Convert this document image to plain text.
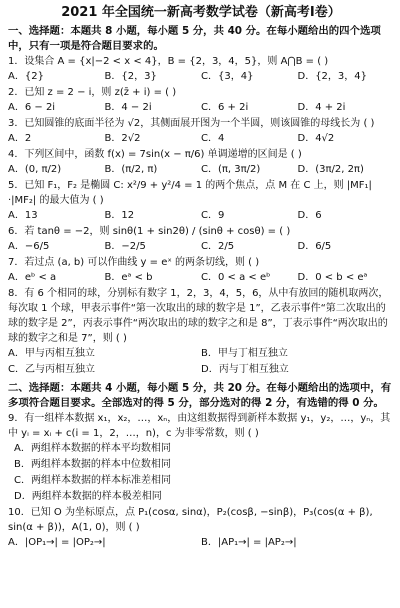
2021 年全国统一新高考数学试卷（新高考Ⅰ卷）
一、选择题：本题共 8 小题，每小题 5 分，共 40 分。在每小题给出的四个选项中，只有一项是符合题目要求的。
1．设集合 A = {x|−2 < x < 4}，B = {2，3，4，5}，则 A⋂B = ( )
A．{2}	B．{2，3}	C．{3，4}	D．{2，3，4}
2．已知 z = 2 − i，则 z(z̄ + i) = ( )
A．6 − 2i	B．4 − 2i	C．6 + 2i	D．4 + 2i
3．已知圆锥的底面半径为 √2，其侧面展开图为一个半圆，则该圆锥的母线长为 ( )
A．2	B．2√2	C．4	D．4√2
4．下列区间中，函数 f(x) = 7sin(x − π/6) 单调递增的区间是 ( )
A．(0, π/2)	B．(π/2, π)	C．(π, 3π/2)	D．(3π/2, 2π)
5．已知 F₁，F₂ 是椭圆 C: x²/9 + y²/4 = 1 的两个焦点，点 M 在 C 上，则 |MF₁|·|MF₂| 的最大值为 ( )
A．13	B．12	C．9	D．6
6．若 tanθ = −2，则 sinθ(1 + sin2θ) / (sinθ + cosθ) = ( )
A．−6/5	B．−2/5	C．2/5	D．6/5
7．若过点 (a, b) 可以作曲线 y = eˣ 的两条切线，则 ( )
A．eᵇ < a	B．eᵃ < b	C．0 < a < eᵇ	D．0 < b < eᵃ
8．有 6 个相同的球，分别标有数字 1，2，3，4，5，6，从中有放回的随机取两次，每次取 1 个球，甲表示事件“第一次取出的球的数字是 1”，乙表示事件“第二次取出的球的数字是 2”，丙表示事件“两次取出的球的数字之和是 8”，丁表示事件“两次取出的球的数字之和是 7”，则 ( )
A．甲与丙相互独立	B．甲与丁相互独立
C．乙与丙相互独立	D．丙与丁相互独立
二、选择题：本题共 4 小题，每小题 5 分，共 20 分。在每小题给出的选项中，有多项符合题目要求。全部选对的得 5 分，部分选对的得 2 分，有选错的得 0 分。
9．有一组样本数据 x₁，x₂，…，xₙ，由这组数据得到新样本数据 y₁，y₂，…，yₙ，其中 yᵢ = xᵢ + c(i = 1，2，…，n)，c 为非零常数，则 ( )
A．两组样本数据的样本平均数相同
B．两组样本数据的样本中位数相同
C．两组样本数据的样本标准差相同
D．两组样本数据的样本极差相同
10．已知 O 为坐标原点，点 P₁(cosα, sinα)，P₂(cosβ, −sinβ)，P₃(cos(α + β), sin(α + β))，A(1, 0)，则 ( )
A．|OP₁→| = |OP₂→|	B．|AP₁→| = |AP₂→|
